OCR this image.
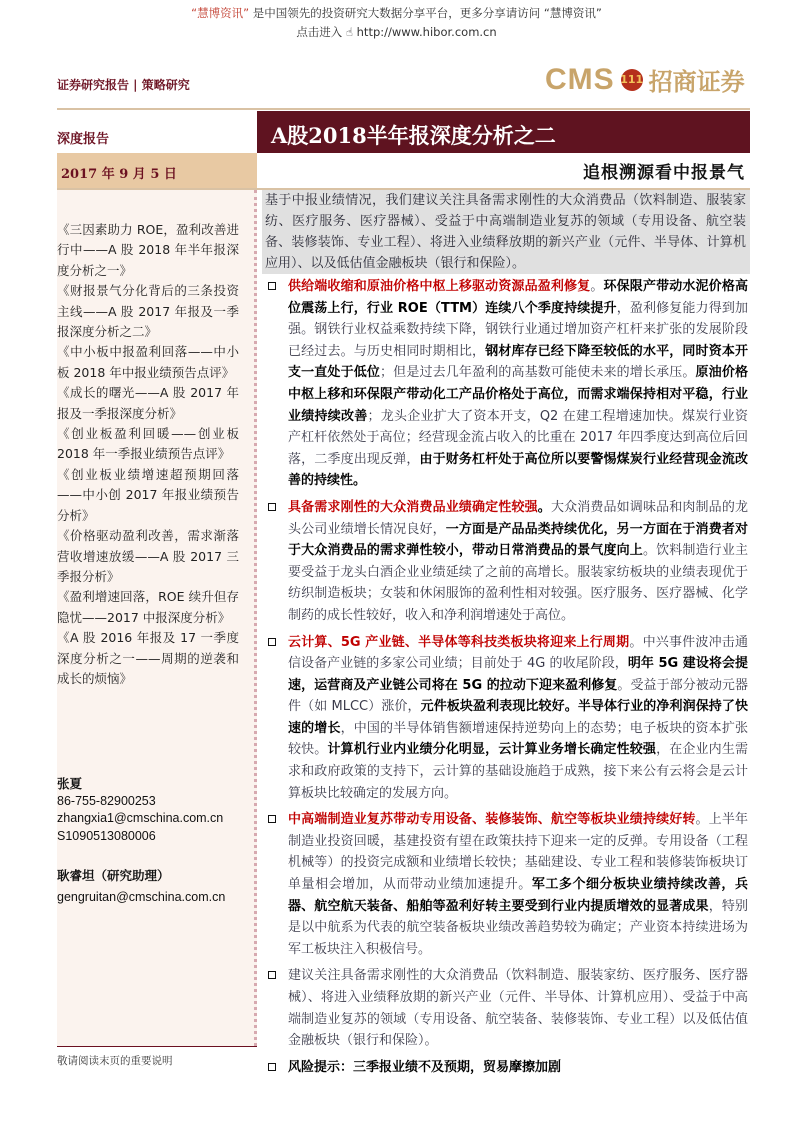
“慧博资讯” 是中国领先的投资研究大数据分享平台，更多分享请访问 “慧博资讯”
点击进入 ☝ http://www.hibor.com.cn
证券研究报告 | 策略研究	CMS 111 招商证券
深度报告	A股2018半年报深度分析之二
2017 年 9 月 5 日	追根溯源看中报景气
《三因素助力 ROE，盈利改善进行中——A 股 2018 年半年报深度分析之一》
《财报景气分化背后的三条投资主线——A 股 2017 年报及一季报深度分析之二》
《中小板中报盈利回落——中小板 2018 年中报业绩预告点评》
《成长的曙光——A 股 2017 年报及一季报深度分析》
《创业板盈利回暖——创业板 2018 年一季报业绩预告点评》
《创业板业绩增速超预期回落——中小创 2017 年报业绩预告分析》
《价格驱动盈利改善，需求渐落营收增速放缓——A 股 2017 三季报分析》
《盈利增速回落，ROE 续升但存隐忧——2017 中报深度分析》
《A 股 2016 年报及 17 一季度深度分析之一——周期的逆袭和成长的烦恼》
张夏
86-755-82900253
zhangxia1@cmschina.com.cn
S1090513080006
耿睿坦（研究助理）
gengruitan@cmschina.com.cn
敬请阅读末页的重要说明
基于中报业绩情况，我们建议关注具备需求刚性的大众消费品（饮料制造、服装家纺、医疗服务、医疗器械）、受益于中高端制造业复苏的领域（专用设备、航空装备、装修装饰、专业工程）、将进入业绩释放期的新兴产业（元件、半导体、计算机应用）、以及低估值金融板块（银行和保险）。
供给端收缩和原油价格中枢上移驱动资源品盈利修复。环保限产带动水泥价格高位震荡上行，行业 ROE（TTM）连续八个季度持续提升，盈利修复能力得到加强。钢铁行业权益乘数持续下降，钢铁行业通过增加资产杠杆来扩张的发展阶段已经过去。与历史相同时期相比，钢材库存已经下降至较低的水平，同时资本开支一直处于低位；但是过去几年盈利的高基数可能使未来的增长承压。原油价格中枢上移和环保限产带动化工产品价格处于高位，而需求端保持相对平稳，行业业绩持续改善；龙头企业扩大了资本开支，Q2 在建工程增速加快。煤炭行业资产杠杆依然处于高位；经营现金流占收入的比重在 2017 年四季度达到高位后回落，二季度出现反弹，由于财务杠杆处于高位所以要警惕煤炭行业经营现金流改善的持续性。
具备需求刚性的大众消费品业绩确定性较强。大众消费品如调味品和肉制品的龙头公司业绩增长情况良好，一方面是产品品类持续优化，另一方面在于消费者对于大众消费品的需求弹性较小，带动日常消费品的景气度向上。饮料制造行业主要受益于龙头白酒企业业绩延续了之前的高增长。服装家纺板块的业绩表现优于纺织制造板块；女装和休闲服饰的盈利性相对较强。医疗服务、医疗器械、化学制药的成长性较好，收入和净利润增速处于高位。
云计算、5G 产业链、半导体等科技类板块将迎来上行周期。中兴事件波冲击通信设备产业链的多家公司业绩；目前处于 4G 的收尾阶段，明年 5G 建设将会提速，运营商及产业链公司将在 5G 的拉动下迎来盈利修复。受益于部分被动元器件（如 MLCC）涨价，元件板块盈利表现比较好。半导体行业的净利润保持了快速的增长，中国的半导体销售额增速保持逆势向上的态势；电子板块的资本扩张较快。计算机行业内业绩分化明显，云计算业务增长确定性较强，在企业内生需求和政府政策的支持下，云计算的基础设施趋于成熟，接下来公有云将会是云计算板块比较确定的发展方向。
中高端制造业复苏带动专用设备、装修装饰、航空等板块业绩持续好转。上半年制造业投资回暖，基建投资有望在政策扶持下迎来一定的反弹。专用设备（工程机械等）的投资完成额和业绩增长较快；基础建设、专业工程和装修装饰板块订单量相会增加，从而带动业绩加速提升。军工多个细分板块业绩持续改善，兵器、航空航天装备、船舶等盈利好转主要受到行业内提质增效的显著成果，特别是以中航系为代表的航空装备板块业绩改善趋势较为确定；产业资本持续进场为军工板块注入积极信号。
建议关注具备需求刚性的大众消费品（饮料制造、服装家纺、医疗服务、医疗器械）、将进入业绩释放期的新兴产业（元件、半导体、计算机应用）、受益于中高端制造业复苏的领域（专用设备、航空装备、装修装饰、专业工程）以及低估值金融板块（银行和保险）。
风险提示：三季报业绩不及预期，贸易摩擦加剧
